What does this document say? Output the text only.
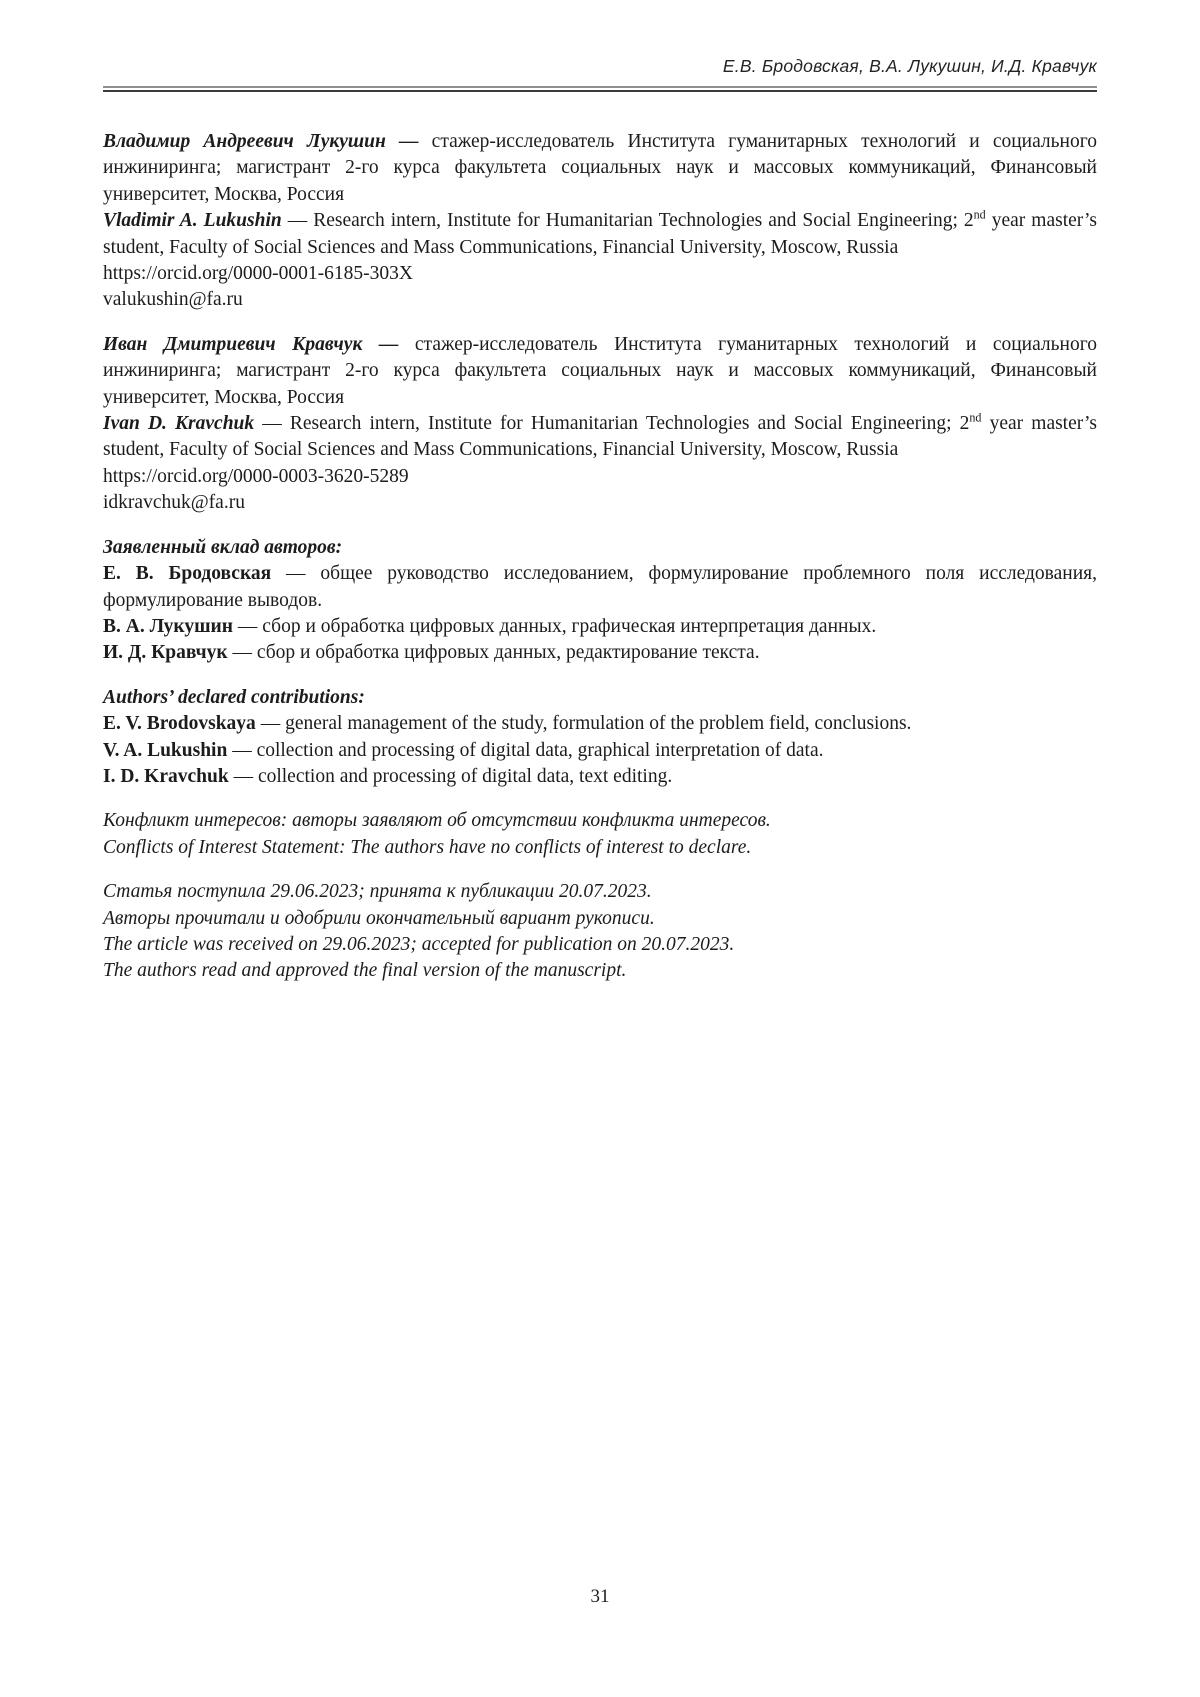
Е.В. Бродовская, В.А. Лукушин, И.Д. Кравчук

Владимир Андреевич Лукушин — стажер-исследователь Института гуманитарных технологий и социального инжиниринга; магистрант 2-го курса факультета социальных наук и массовых коммуникаций, Финансовый университет, Москва, Россия

Vladimir A. Lukushin — Research intern, Institute for Humanitarian Technologies and Social Engineering; 2nd year master’s student, Faculty of Social Sciences and Mass Communications, Financial University, Moscow, Russia

https://orcid.org/0000-0001-6185-303X

valukushin@fa.ru

Иван Дмитриевич Кравчук — стажер-исследователь Института гуманитарных технологий и социального инжиниринга; магистрант 2-го курса факультета социальных наук и массовых коммуникаций, Финансовый университет, Москва, Россия

Ivan D. Kravchuk — Research intern, Institute for Humanitarian Technologies and Social Engineering; 2nd year master’s student, Faculty of Social Sciences and Mass Communications, Financial University, Moscow, Russia

https://orcid.org/0000-0003-3620-5289

idkravchuk@fa.ru

Заявленный вклад авторов:

Е. В. Бродовская — общее руководство исследованием, формулирование проблемного поля исследования, формулирование выводов.

В. А. Лукушин — сбор и обработка цифровых данных, графическая интерпретация данных.

И. Д. Кравчук — сбор и обработка цифровых данных, редактирование текста.

Authors’ declared contributions:

E. V. Brodovskaya — general management of the study, formulation of the problem field, conclusions.

V. A. Lukushin — collection and processing of digital data, graphical interpretation of data.

I. D. Kravchuk — collection and processing of digital data, text editing.

Конфликт интересов: авторы заявляют об отсутствии конфликта интересов.

Conflicts of Interest Statement: The authors have no conflicts of interest to declare.

Статья поступила 29.06.2023; принята к публикации 20.07.2023.

Авторы прочитали и одобрили окончательный вариант рукописи.

The article was received on 29.06.2023; accepted for publication on 20.07.2023.

The authors read and approved the final version of the manuscript.

31
